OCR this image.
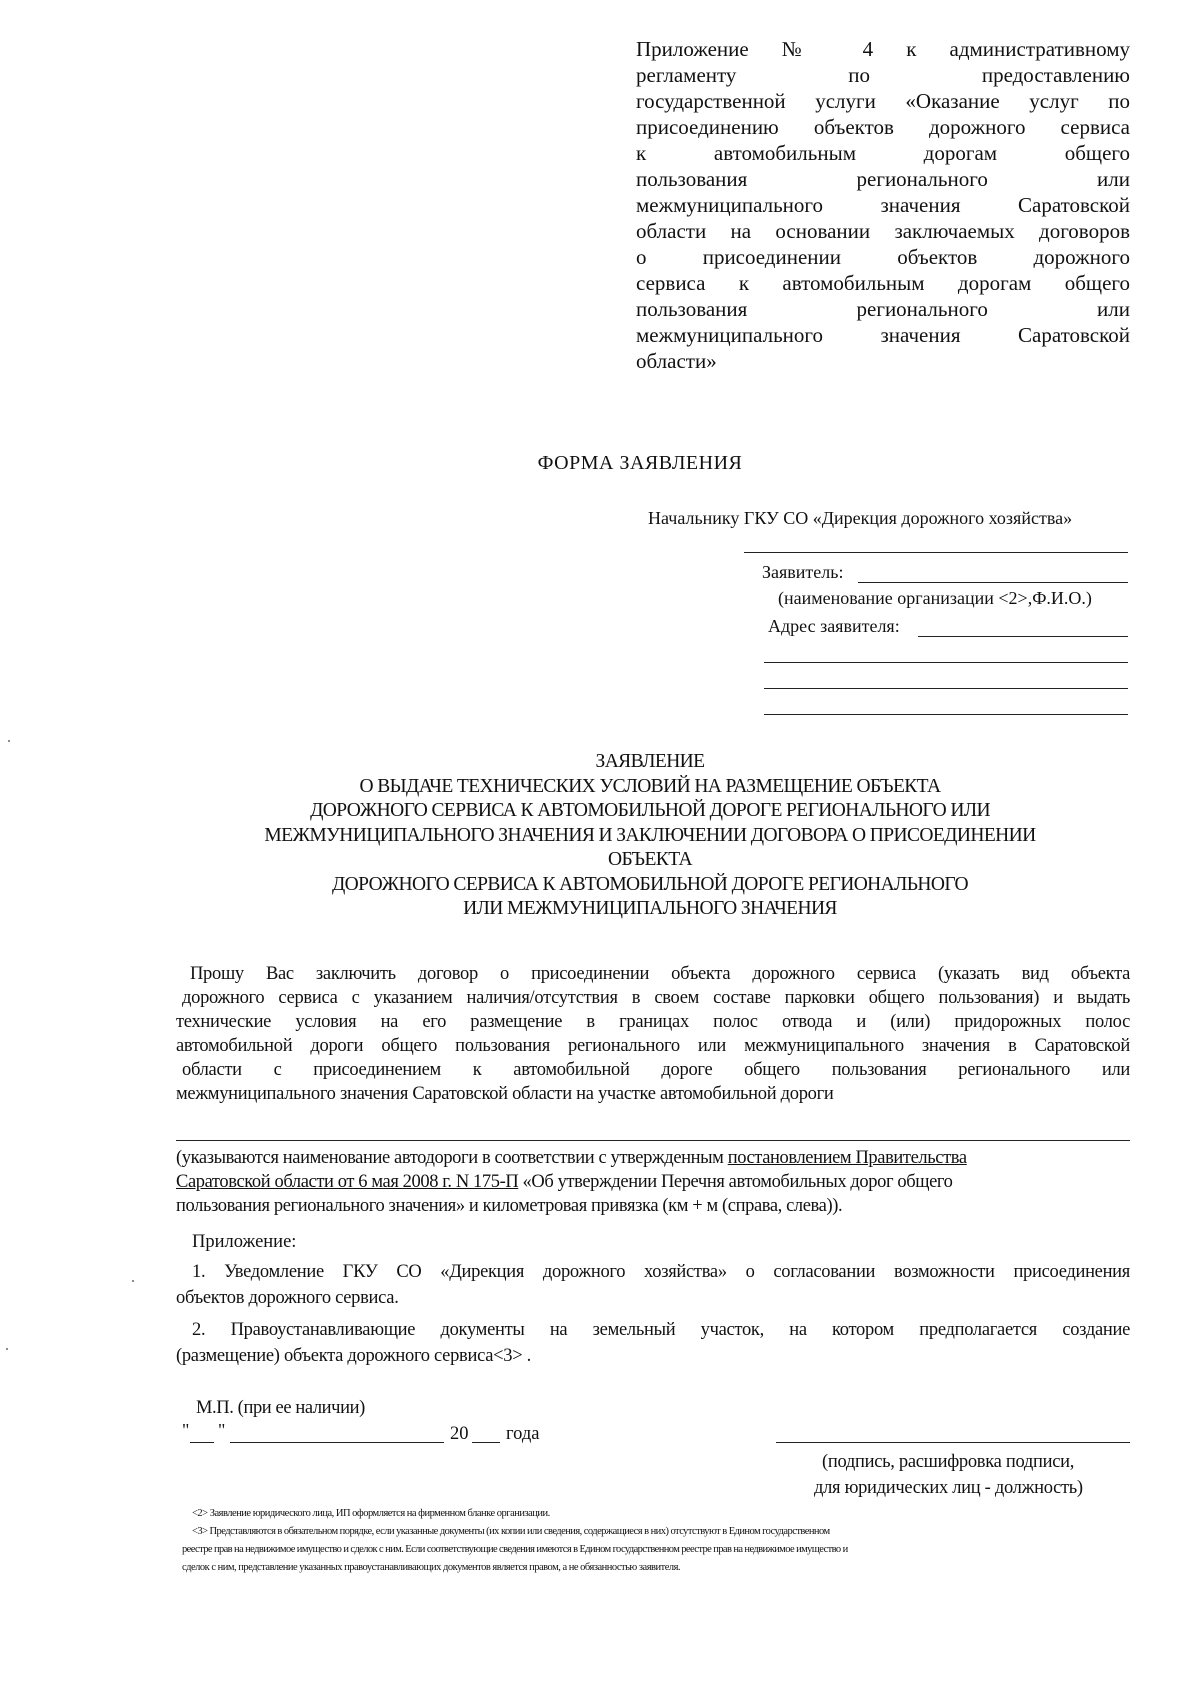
Приложение № 4 к административному
регламенту по предоставлению
государственной услуги «Оказание услуг по
присоединению объектов дорожного сервиса
к автомобильным дорогам общего
пользования регионального или
межмуниципального значения Саратовской
области на основании заключаемых договоров
о присоединении объектов дорожного
сервиса к автомобильным дорогам общего
пользования регионального или
межмуниципального значения Саратовской
области»
ФОРМА ЗАЯВЛЕНИЯ
Начальнику ГКУ СО «Дирекция дорожного хозяйства»
Заявитель:
(наименование организации <2>,Ф.И.О.)
Адрес заявителя:
ЗАЯВЛЕНИЕ
О ВЫДАЧЕ ТЕХНИЧЕСКИХ УСЛОВИЙ НА РАЗМЕЩЕНИЕ ОБЪЕКТА
ДОРОЖНОГО СЕРВИСА К АВТОМОБИЛЬНОЙ ДОРОГЕ РЕГИОНАЛЬНОГО ИЛИ
МЕЖМУНИЦИПАЛЬНОГО ЗНАЧЕНИЯ И ЗАКЛЮЧЕНИИ ДОГОВОРА О ПРИСОЕДИНЕНИИ
ОБЪЕКТА
ДОРОЖНОГО СЕРВИСА К АВТОМОБИЛЬНОЙ ДОРОГЕ РЕГИОНАЛЬНОГО
ИЛИ МЕЖМУНИЦИПАЛЬНОГО ЗНАЧЕНИЯ
Прошу Вас заключить договор о присоединении объекта дорожного сервиса (указать вид объекта
дорожного сервиса с указанием наличия/отсутствия в своем составе парковки общего пользования) и выдать
технические условия на его размещение в границах полос отвода и (или) придорожных полос
автомобильной дороги общего пользования регионального или межмуниципального значения в Саратовской
области с присоединением к автомобильной дороге общего пользования регионального или
межмуниципального значения Саратовской области на участке автомобильной дороги
(указываются наименование автодороги в соответствии с утвержденным постановлением Правительства
Саратовской области от 6 мая 2008 г. N 175-П «Об утверждении Перечня автомобильных дорог общего
пользования регионального значения» и километровая привязка (км + м (справа, слева)).
Приложение:
1. Уведомление ГКУ СО «Дирекция дорожного хозяйства» о согласовании возможности присоединения
объектов дорожного сервиса.
2. Правоустанавливающие документы на земельный участок, на котором предполагается создание
(размещение) объекта дорожного сервиса<3> .
М.П. (при ее наличии)
" "	20 года
(подпись, расшифровка подписи,
для юридических лиц - должность)
<2> Заявление юридического лица, ИП оформляется на фирменном бланке организации.
<3> Представляются в обязательном порядке, если указанные документы (их копии или сведения, содержащиеся в них) отсутствуют в Едином государственном
реестре прав на недвижимое имущество и сделок с ним. Если соответствующие сведения имеются в Едином государственном реестре прав на недвижимое имущество и
сделок с ним, представление указанных правоустанавливающих документов является правом, а не обязанностью заявителя.
